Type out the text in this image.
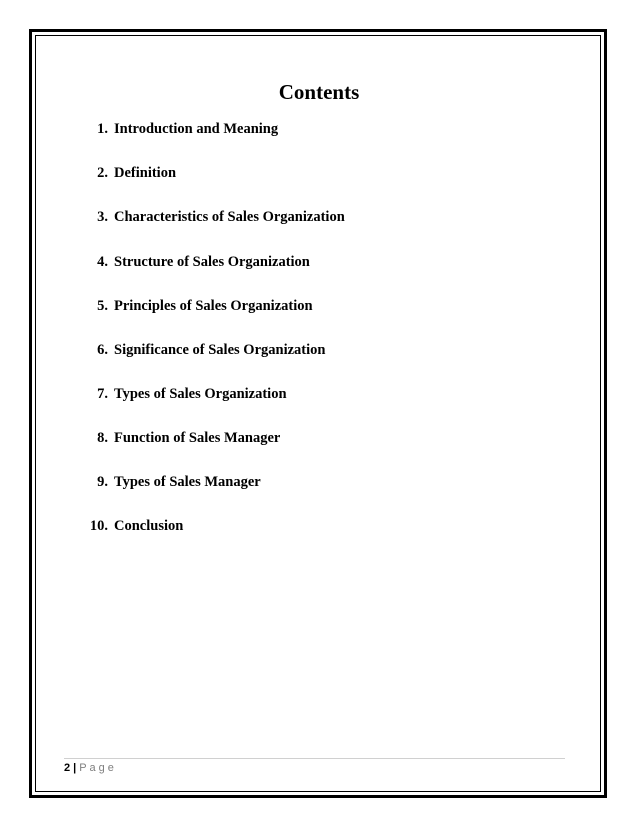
Contents
1. Introduction and Meaning
2. Definition
3. Characteristics of Sales Organization
4. Structure of Sales Organization
5. Principles of Sales Organization
6. Significance of Sales Organization
7. Types of Sales Organization
8. Function of Sales Manager
9. Types of Sales Manager
10. Conclusion
2 | Page
